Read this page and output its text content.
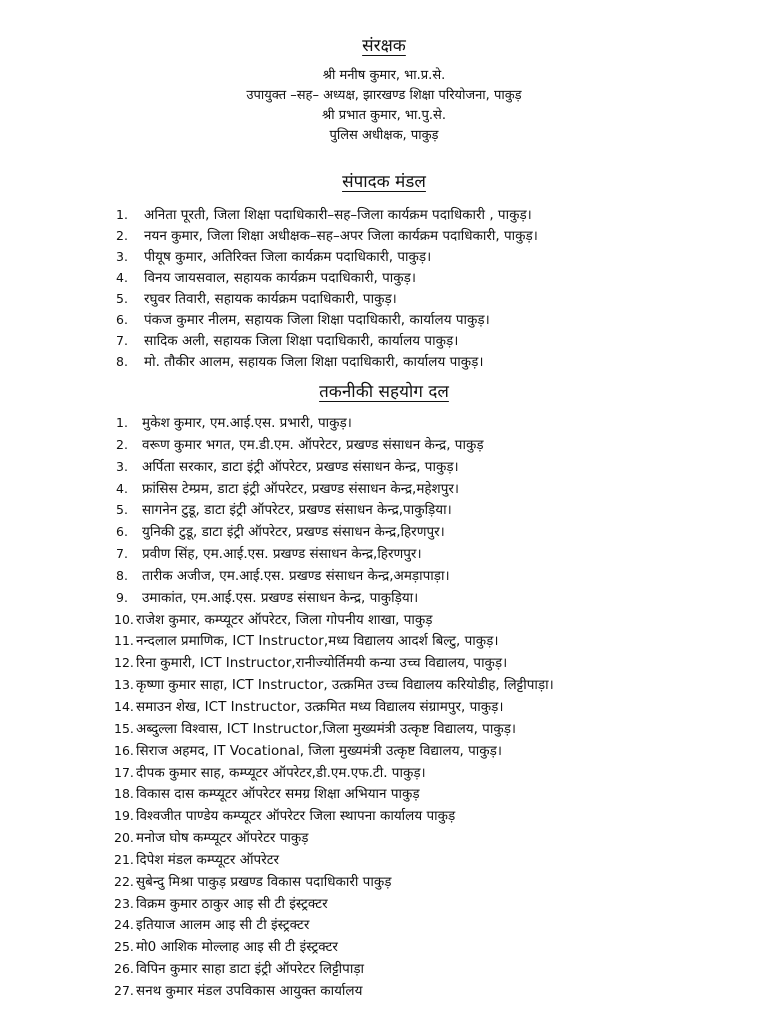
संरक्षक
श्री मनीष कुमार, भा.प्र.से.
उपायुक्त –सह– अध्यक्ष, झारखण्ड शिक्षा परियोजना, पाकुड़
श्री प्रभात कुमार, भा.पु.से.
पुलिस अधीक्षक, पाकुड़
संपादक मंडल
1. अनिता पूरती, जिला शिक्षा पदाधिकारी–सह–जिला कार्यक्रम पदाधिकारी , पाकुड़।
2. नयन कुमार, जिला शिक्षा अधीक्षक–सह–अपर जिला कार्यक्रम पदाधिकारी, पाकुड़।
3. पीयूष कुमार, अतिरिक्त जिला कार्यक्रम पदाधिकारी, पाकुड़।
4. विनय जायसवाल, सहायक कार्यक्रम पदाधिकारी, पाकुड़।
5. रघुवर तिवारी, सहायक कार्यक्रम पदाधिकारी, पाकुड़।
6. पंकज कुमार नीलम, सहायक जिला शिक्षा पदाधिकारी, कार्यालय पाकुड़।
7. सादिक अली, सहायक जिला शिक्षा पदाधिकारी, कार्यालय पाकुड़।
8. मो. तौकीर आलम, सहायक जिला शिक्षा पदाधिकारी, कार्यालय पाकुड़।
तकनीकी सहयोग दल
1. मुकेश कुमार, एम.आई.एस. प्रभारी, पाकुड़।
2. वरूण कुमार भगत, एम.डी.एम. ऑपरेटर, प्रखण्ड संसाधन केन्द्र, पाकुड़
3. अर्पिता सरकार, डाटा इंट्री ऑपरेटर, प्रखण्ड संसाधन केन्द्र, पाकुड़।
4. फ्रांसिस टेम्प्रम, डाटा इंट्री ऑपरेटर, प्रखण्ड संसाधन केन्द्र,महेशपुर।
5. सागनेन टुडू, डाटा इंट्री ऑपरेटर, प्रखण्ड संसाधन केन्द्र,पाकुड़िया।
6. युनिकी टुडू, डाटा इंट्री ऑपरेटर, प्रखण्ड संसाधन केन्द्र,हिरणपुर।
7. प्रवीण सिंह, एम.आई.एस. प्रखण्ड संसाधन केन्द्र,हिरणपुर।
8. तारीक अजीज, एम.आई.एस. प्रखण्ड संसाधन केन्द्र,अमड़ापाड़ा।
9. उमाकांत, एम.आई.एस. प्रखण्ड संसाधन केन्द्र, पाकुड़िया।
10. राजेश कुमार, कम्प्यूटर ऑपरेटर, जिला गोपनीय शाखा, पाकुड़
11. नन्दलाल प्रमाणिक, ICT Instructor,मध्य विद्यालय आदर्श बिल्टु, पाकुड़।
12. रिना कुमारी, ICT Instructor,रानीज्योर्तिमयी कन्या उच्च विद्यालय, पाकुड़।
13. कृष्णा कुमार साहा, ICT Instructor, उत्क्रमित उच्च विद्यालय करियोडीह, लिट्टीपाड़ा।
14. समाउन शेख, ICT Instructor, उत्क्रमित मध्य विद्यालय संग्रामपुर, पाकुड़।
15. अब्दुल्ला विश्वास, ICT Instructor,जिला मुख्यमंत्री उत्कृष्ट विद्यालय, पाकुड़।
16. सिराज अहमद, IT Vocational, जिला मुख्यमंत्री उत्कृष्ट विद्यालय, पाकुड़।
17. दीपक कुमार साह, कम्प्यूटर ऑपरेटर,डी.एम.एफ.टी. पाकुड़।
18. विकास दास कम्प्यूटर ऑपरेटर समग्र शिक्षा अभियान पाकुड़
19. विश्वजीत पाण्डेय कम्प्यूटर ऑपरेटर जिला स्थापना कार्यालय पाकुड़
20. मनोज घोष कम्प्यूटर ऑपरेटर पाकुड़
21. दिपेश मंडल कम्प्यूटर ऑपरेटर
22. सुबेन्दु मिश्रा पाकुड़ प्रखण्ड विकास पदाधिकारी पाकुड़
23. विक्रम कुमार ठाकुर आइ सी टी इंस्ट्रक्टर
24. इतियाज आलम आइ सी टी इंस्ट्रक्टर
25. मो0 आशिक मोल्लाह आइ सी टी इंस्ट्रक्टर
26. विपिन कुमार साहा डाटा इंट्री ऑपरेटर लिट्टीपाड़ा
27. सनथ कुमार मंडल उपविकास आयुक्त कार्यालय
